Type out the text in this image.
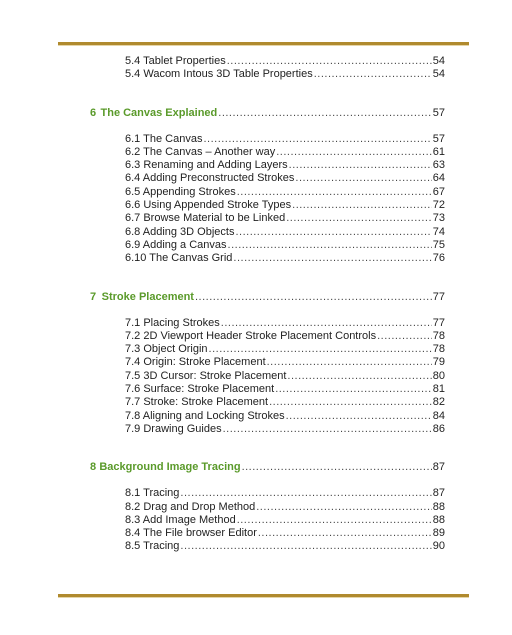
5.4 Tablet Properties .....	54
5.4 Wacom Intous 3D Table Properties .....	54
6 The Canvas Explained .....	57
6.1 The Canvas .....	57
6.2 The Canvas – Another way .....	61
6.3 Renaming and Adding Layers .....	63
6.4 Adding Preconstructed Strokes .....	64
6.5 Appending Strokes .....	67
6.6 Using Appended Stroke Types .....	72
6.7 Browse Material to be Linked .....	73
6.8 Adding 3D Objects .....	74
6.9 Adding a Canvas .....	75
6.10 The Canvas Grid .....	76
7 Stroke Placement .....	77
7.1 Placing Strokes .....	77
7.2 2D Viewport Header Stroke Placement Controls .....	78
7.3 Object Origin .....	78
7.4 Origin: Stroke Placement .....	79
7.5 3D Cursor: Stroke Placement .....	80
7.6 Surface: Stroke Placement .....	81
7.7 Stroke: Stroke Placement .....	82
7.8 Aligning and Locking Strokes .....	84
7.9 Drawing Guides .....	86
8 Background Image Tracing .....	87
8.1 Tracing .....	87
8.2 Drag and Drop Method .....	88
8.3 Add Image Method .....	88
8.4 The File browser Editor .....	89
8.5 Tracing .....	90
